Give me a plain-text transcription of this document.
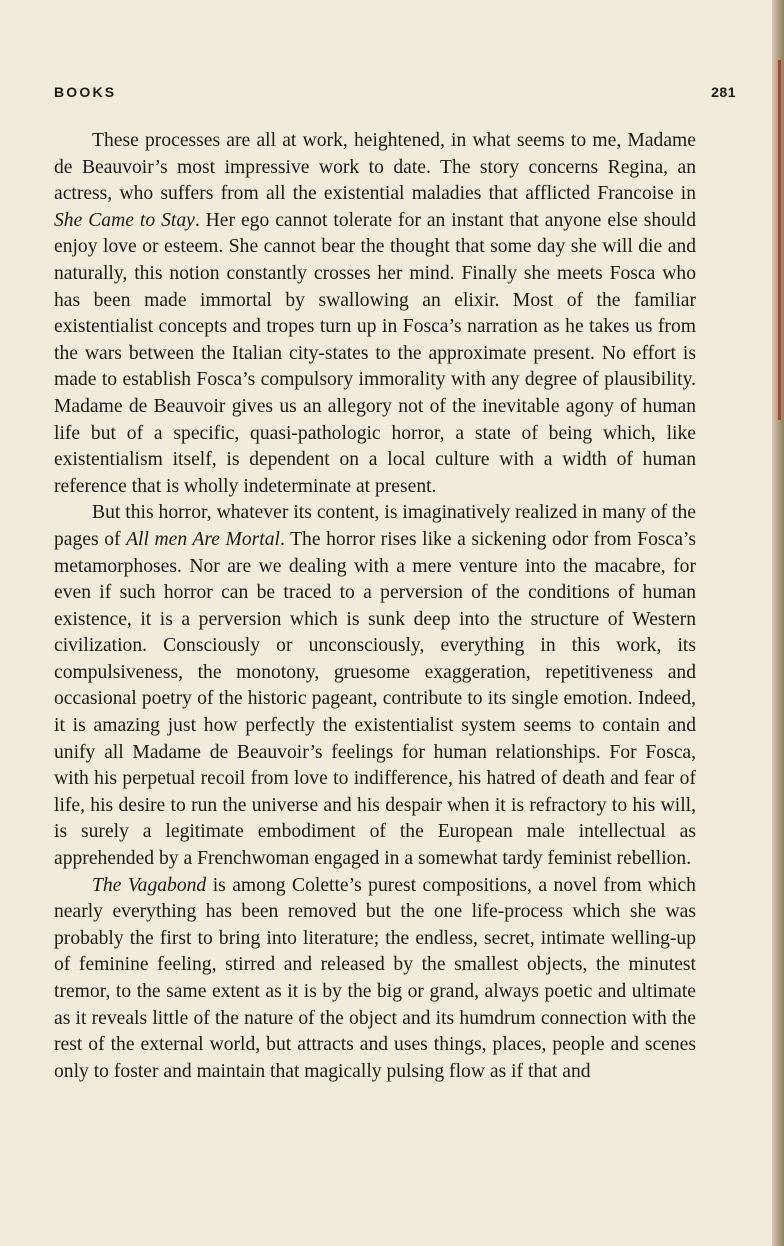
BOOKS	281

These processes are all at work, heightened, in what seems to me, Madame de Beauvoir’s most impressive work to date. The story concerns Regina, an actress, who suffers from all the existential maladies that afflicted Francoise in She Came to Stay. Her ego cannot tolerate for an instant that anyone else should enjoy love or esteem. She cannot bear the thought that some day she will die and naturally, this notion constantly crosses her mind. Finally she meets Fosca who has been made immortal by swallowing an elixir. Most of the familiar existentialist concepts and tropes turn up in Fosca’s narration as he takes us from the wars between the Italian city-states to the approximate present. No effort is made to establish Fosca’s compulsory immorality with any degree of plausibility. Madame de Beauvoir gives us an allegory not of the inevitable agony of human life but of a specific, quasi-pathologic horror, a state of being which, like existentialism itself, is dependent on a local culture with a width of human reference that is wholly indeterminate at present.

But this horror, whatever its content, is imaginatively realized in many of the pages of All men Are Mortal. The horror rises like a sickening odor from Fosca’s metamorphoses. Nor are we dealing with a mere venture into the macabre, for even if such horror can be traced to a perversion of the conditions of human existence, it is a perversion which is sunk deep into the structure of Western civilization. Consciously or unconsciously, everything in this work, its compulsiveness, the monotony, gruesome exaggeration, repetitiveness and occasional poetry of the historic pageant, contribute to its single emotion. Indeed, it is amazing just how perfectly the existentialist system seems to contain and unify all Madame de Beauvoir’s feelings for human relationships. For Fosca, with his perpetual recoil from love to indifference, his hatred of death and fear of life, his desire to run the universe and his despair when it is refractory to his will, is surely a legitimate embodiment of the European male intellectual as apprehended by a Frenchwoman engaged in a somewhat tardy feminist rebellion.

The Vagabond is among Colette’s purest compositions, a novel from which nearly everything has been removed but the one life-process which she was probably the first to bring into literature; the endless, secret, intimate welling-up of feminine feeling, stirred and released by the smallest objects, the minutest tremor, to the same extent as it is by the big or grand, always poetic and ultimate as it reveals little of the nature of the object and its humdrum connection with the rest of the external world, but attracts and uses things, places, people and scenes only to foster and maintain that magically pulsing flow as if that and
